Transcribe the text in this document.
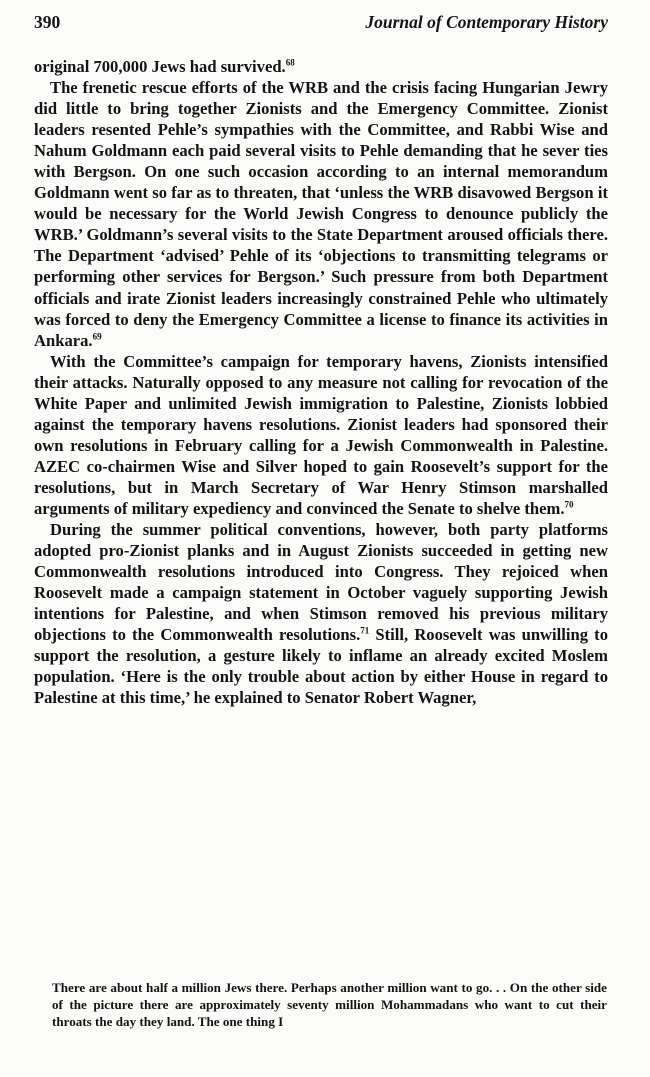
390	Journal of Contemporary History

original 700,000 Jews had survived.$^{68}$

The frenetic rescue efforts of the WRB and the crisis facing Hungarian Jewry did little to bring together Zionists and the Emergency Committee. Zionist leaders resented Pehle’s sympathies with the Committee, and Rabbi Wise and Nahum Goldmann each paid several visits to Pehle demanding that he sever ties with Bergson. On one such occasion according to an internal memorandum Goldmann went so far as to threaten, that ‘unless the WRB disavowed Bergson it would be necessary for the World Jewish Congress to denounce publicly the WRB.’ Goldmann’s several visits to the State Department aroused officials there. The Department ‘advised’ Pehle of its ‘objections to transmitting telegrams or performing other services for Bergson.’ Such pressure from both Department officials and irate Zionist leaders increasingly constrained Pehle who ultimately was forced to deny the Emergency Committee a license to finance its activities in Ankara.$^{69}$

With the Committee’s campaign for temporary havens, Zionists intensified their attacks. Naturally opposed to any measure not calling for revocation of the White Paper and unlimited Jewish immigration to Palestine, Zionists lobbied against the temporary havens resolutions. Zionist leaders had sponsored their own resolutions in February calling for a Jewish Commonwealth in Palestine. AZEC co-chairmen Wise and Silver hoped to gain Roosevelt’s support for the resolutions, but in March Secretary of War Henry Stimson marshalled arguments of military expediency and convinced the Senate to shelve them.$^{70}$

During the summer political conventions, however, both party platforms adopted pro-Zionist planks and in August Zionists succeeded in getting new Commonwealth resolutions introduced into Congress. They rejoiced when Roosevelt made a campaign statement in October vaguely supporting Jewish intentions for Palestine, and when Stimson removed his previous military objections to the Commonwealth resolutions.$^{71}$ Still, Roosevelt was unwilling to support the resolution, a gesture likely to inflame an already excited Moslem population. ‘Here is the only trouble about action by either House in regard to Palestine at this time,’ he explained to Senator Robert Wagner,

There are about half a million Jews there. Perhaps another million want to go. . . On the other side of the picture there are approximately seventy million Mohammadans who want to cut their throats the day they land. The one thing I
